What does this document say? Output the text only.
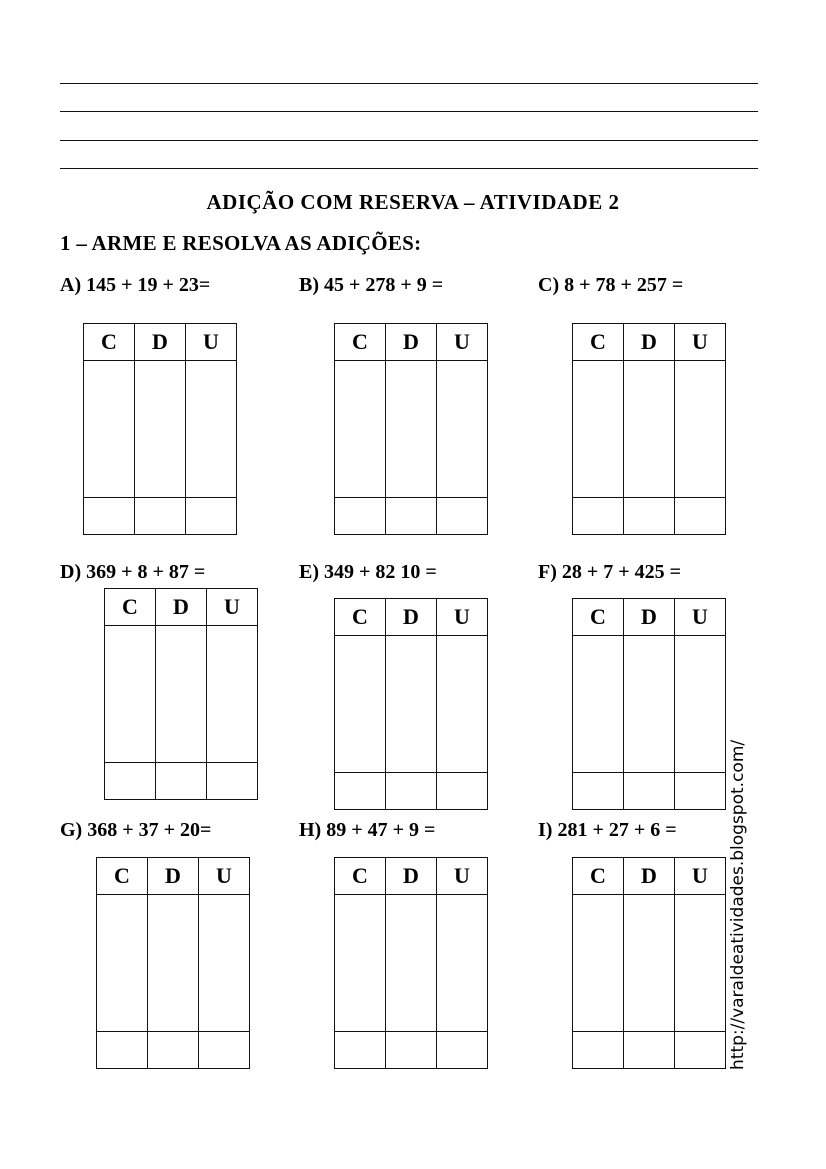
ADIÇÃO COM RESERVA – ATIVIDADE 2
1 – ARME E RESOLVA AS ADIÇÕES:
A) 145 + 19 + 23=	B) 45 + 278 + 9 =	C) 8 + 78 + 257 =
D) 369 + 8 + 87 =	E) 349 + 82 10 =	F) 28 + 7 + 425 =
G) 368 + 37 + 20=	H) 89 + 47 + 9 =	I) 281 + 27 + 6 =
C	D	U

			C	D	U

			C	D	U

C	D	U

			C	D	U

			C	D	U

C	D	U

			C	D	U

			C	D	U

		http://varaldeatividades.blogspot.com/
